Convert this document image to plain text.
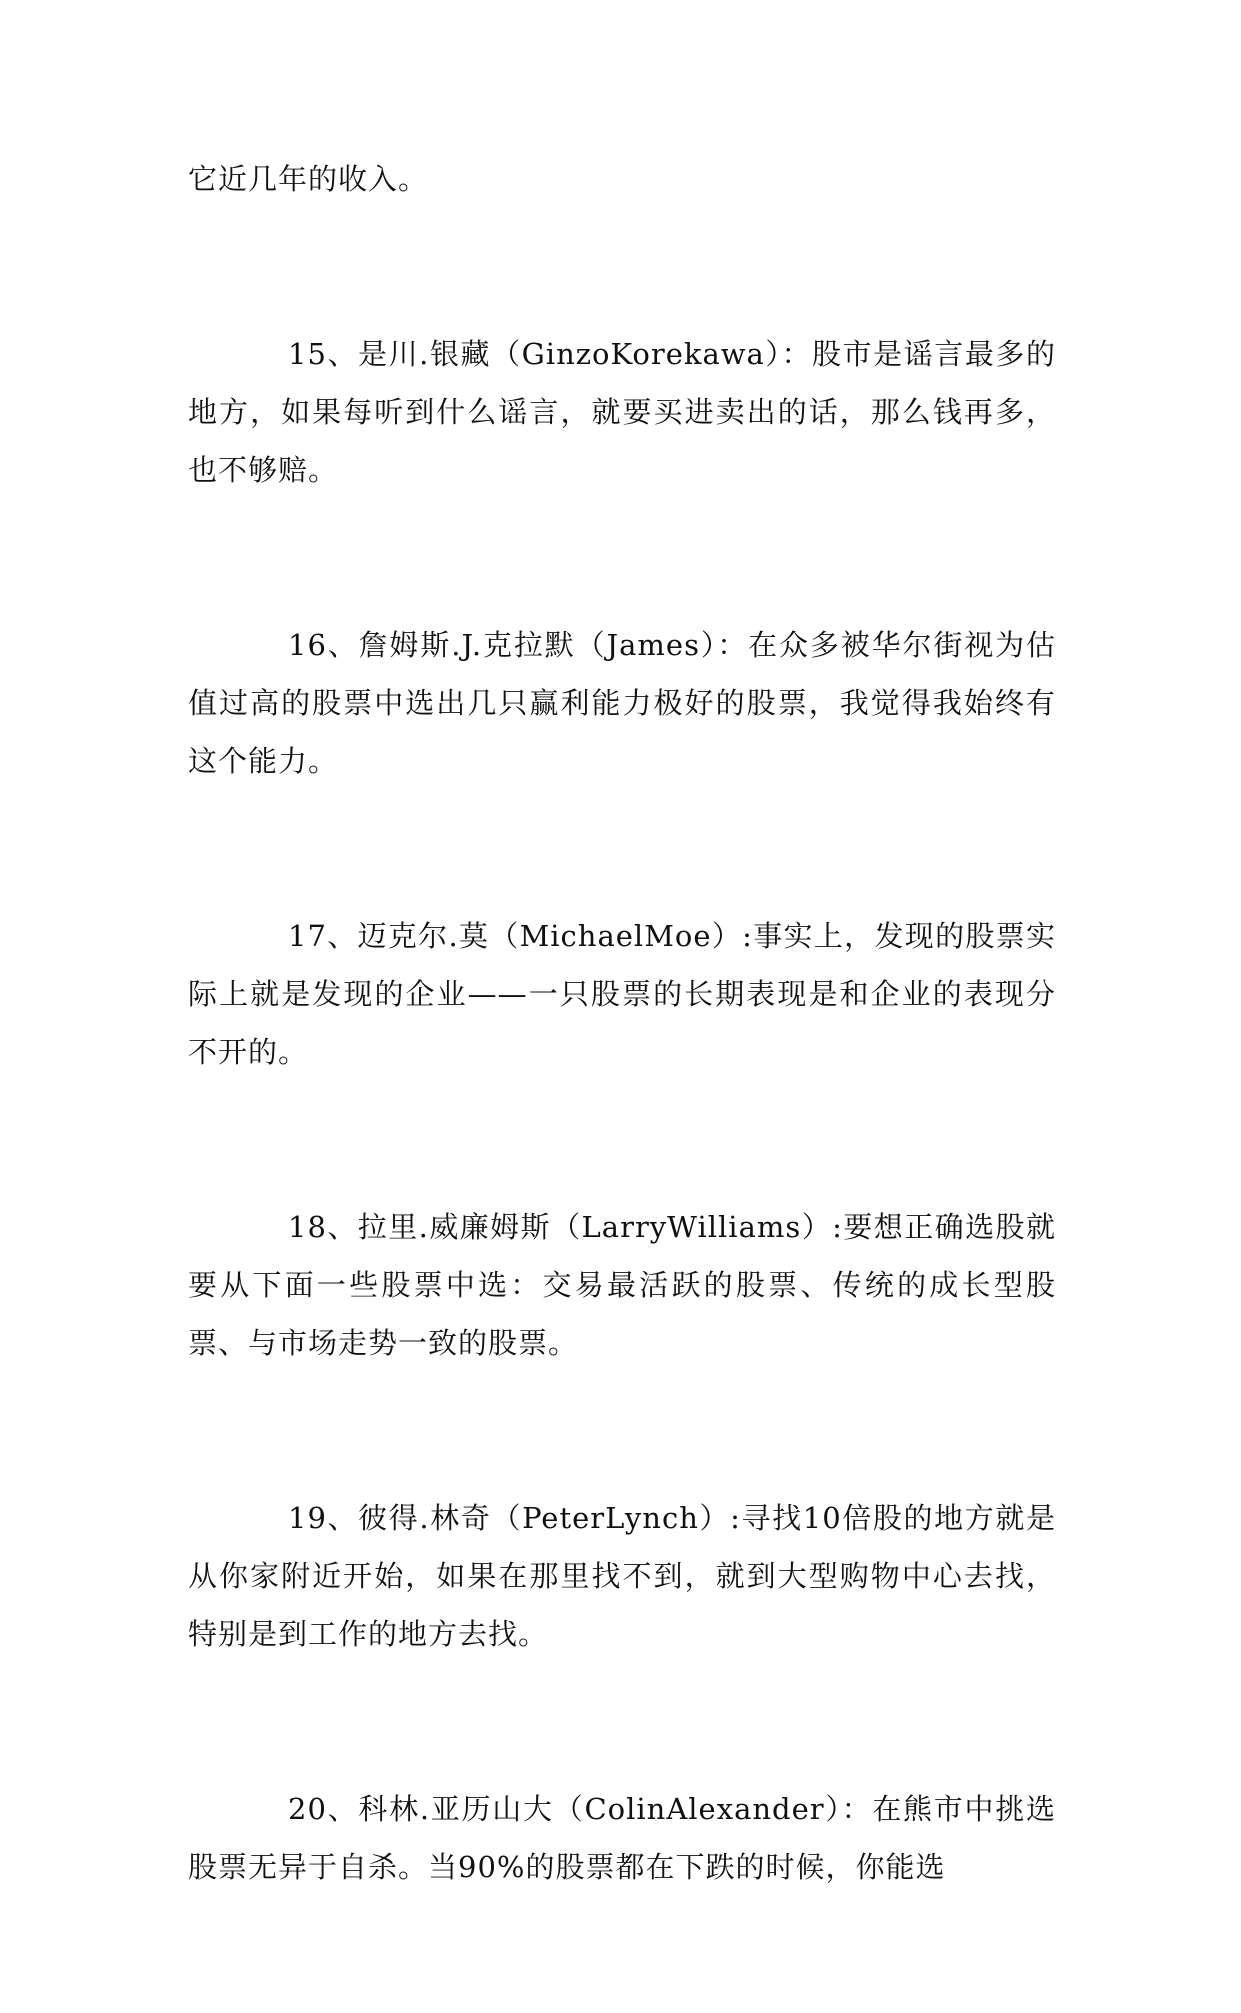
它近几年的收入。

15、是川.银藏（GinzoKorekawa）：股市是谣言最多的地方，如果每听到什么谣言，就要买进卖出的话，那么钱再多，也不够赔。

16、詹姆斯.J.克拉默（James）：在众多被华尔街视为估值过高的股票中选出几只赢利能力极好的股票，我觉得我始终有这个能力。

17、迈克尔.莫（MichaelMoe）:事实上，发现的股票实际上就是发现的企业——一只股票的长期表现是和企业的表现分不开的。

18、拉里.威廉姆斯（LarryWilliams）:要想正确选股就要从下面一些股票中选：交易最活跃的股票、传统的成长型股票、与市场走势一致的股票。

19、彼得.林奇（PeterLynch）:寻找10倍股的地方就是从你家附近开始，如果在那里找不到，就到大型购物中心去找，特别是到工作的地方去找。

20、科林.亚历山大（ColinAlexander）：在熊市中挑选股票无异于自杀。当90%的股票都在下跌的时候，你能选
